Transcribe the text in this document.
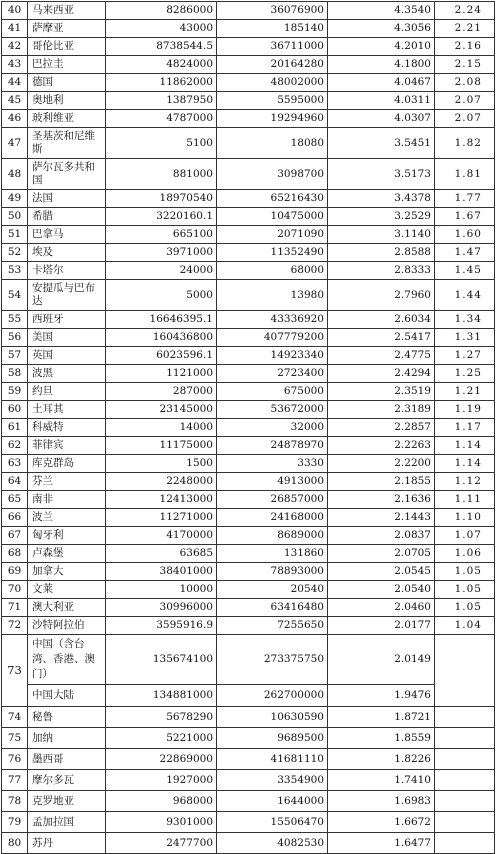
40	马来西亚	8286000	36076900	4.3540	2.24
41	萨摩亚	43000	185140	4.3056	2.21
42	哥伦比亚	8738544.5	36711000	4.2010	2.16
43	巴拉圭	4824000	20164280	4.1800	2.15
44	德国	11862000	48002000	4.0467	2.08
45	奥地利	1387950	5595000	4.0311	2.07
46	玻利维亚	4787000	19294960	4.0307	2.07
47	圣基茨和尼维斯	5100	18080	3.5451	1.82
48	萨尔瓦多共和国	881000	3098700	3.5173	1.81
49	法国	18970540	65216430	3.4378	1.77
50	希腊	3220160.1	10475000	3.2529	1.67
51	巴拿马	665100	2071090	3.1140	1.60
52	埃及	3971000	11352490	2.8588	1.47
53	卡塔尔	24000	68000	2.8333	1.45
54	安提瓜与巴布达	5000	13980	2.7960	1.44
55	西班牙	16646395.1	43336920	2.6034	1.34
56	美国	160436800	407779200	2.5417	1.31
57	英国	6023596.1	14923340	2.4775	1.27
58	波黑	1121000	2723400	2.4294	1.25
59	约旦	287000	675000	2.3519	1.21
60	土耳其	23145000	53672000	2.3189	1.19
61	科威特	14000	32000	2.2857	1.17
62	菲律宾	11175000	24878970	2.2263	1.14
63	库克群岛	1500	3330	2.2200	1.14
64	芬兰	2248000	4913000	2.1855	1.12
65	南非	12413000	26857000	2.1636	1.11
66	波兰	11271000	24168000	2.1443	1.10
67	匈牙利	4170000	8689000	2.0837	1.07
68	卢森堡	63685	131860	2.0705	1.06
69	加拿大	38401000	78893000	2.0545	1.05
70	文莱	10000	20540	2.0540	1.05
71	澳大利亚	30996000	63416480	2.0460	1.05
72	沙特阿拉伯	3595916.9	7255650	2.0177	1.04
73	中国（含台湾、香港、澳门）	135674100	273375750	2.0149	
	中国大陆	134881000	262700000	1.9476	
74	秘鲁	5678290	10630590	1.8721	
75	加纳	5221000	9689500	1.8559	
76	墨西哥	22869000	41681110	1.8226	
77	摩尔多瓦	1927000	3354900	1.7410	
78	克罗地亚	968000	1644000	1.6983	
79	孟加拉国	9301000	15506470	1.6672	
80	苏丹	2477700	4082530	1.6477	
